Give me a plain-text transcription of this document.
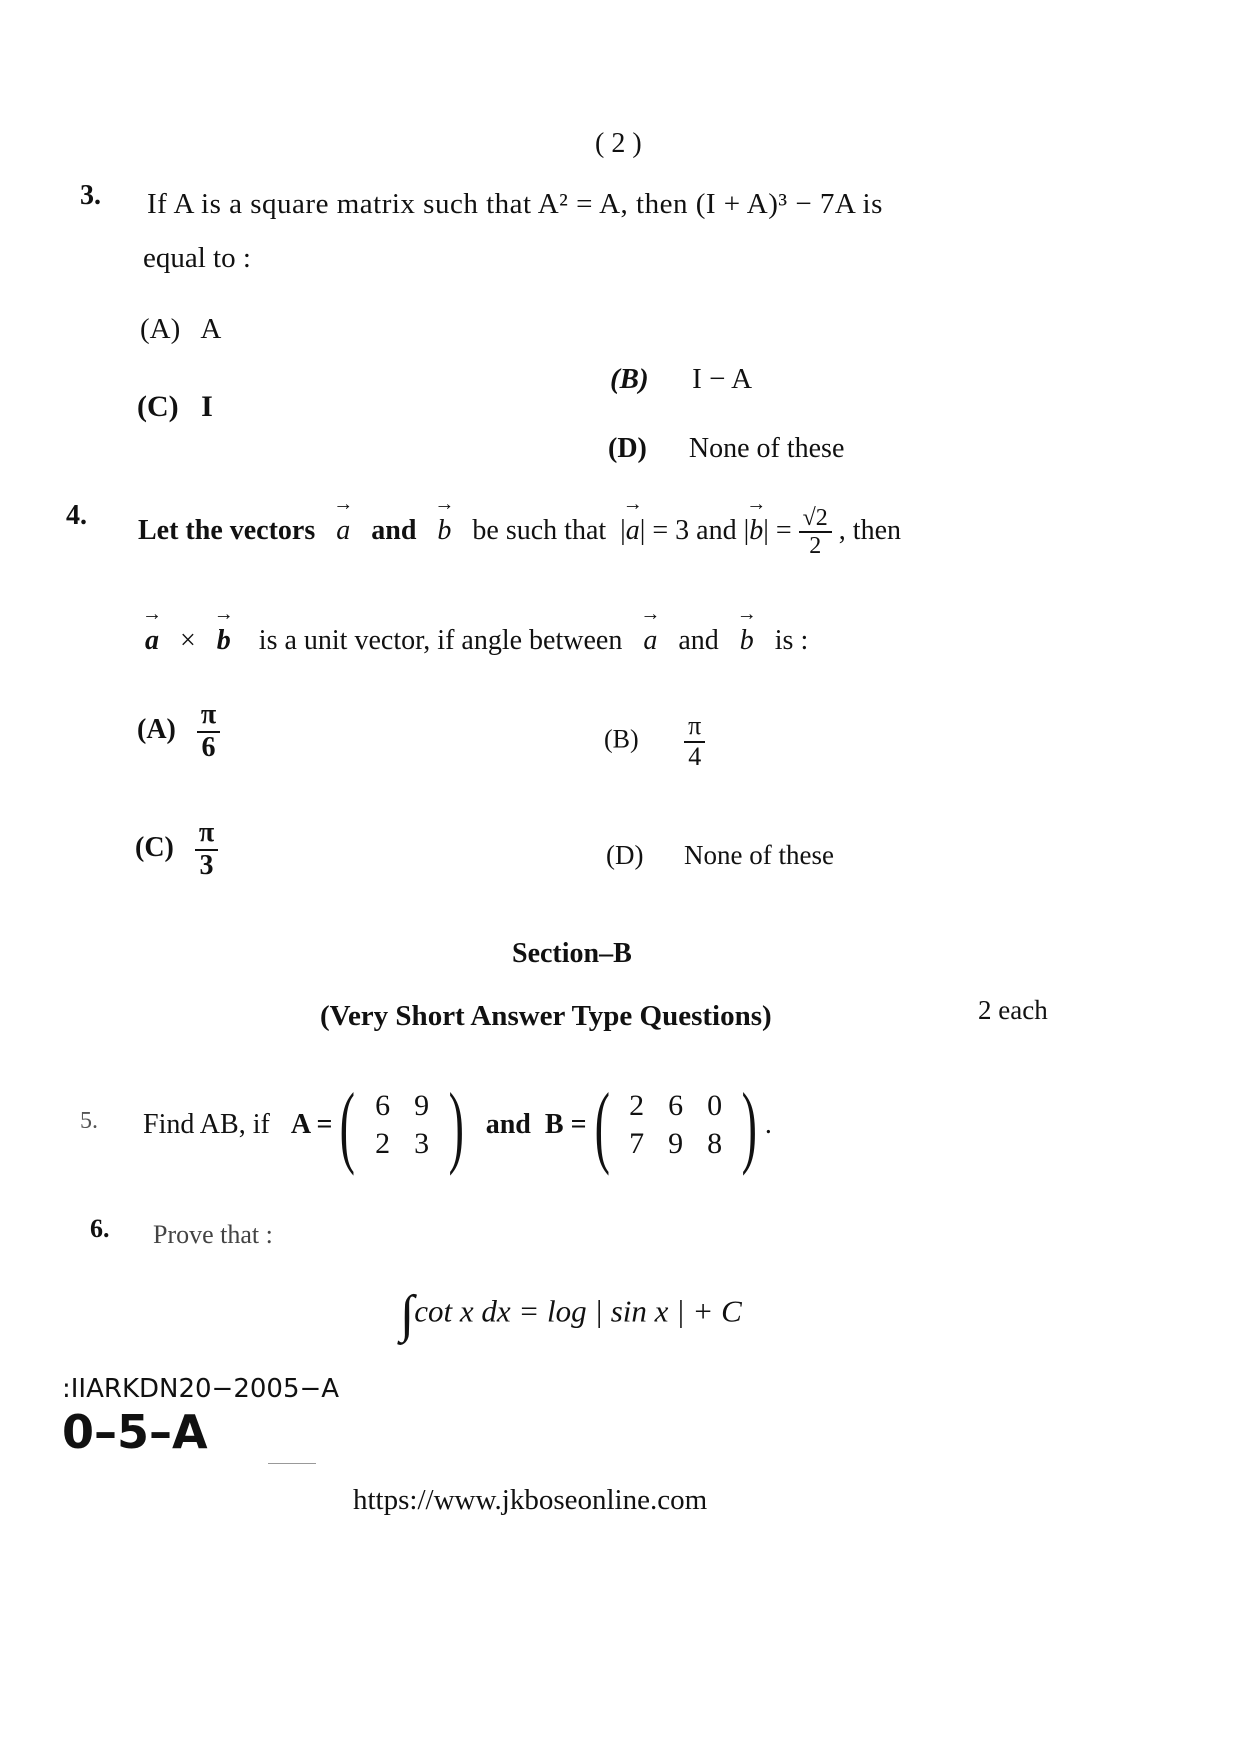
( 2 )
3. If A is a square matrix such that A² = A, then (I + A)³ − 7A is
equal to :
(A) A
(B) I − A
(C) I
(D) None of these
4. Let the vectors → a and → b be such that  |→ a| = 3 and |→ $b| = \frac{√2}{2}$ , then
→ a × → b is a unit vector, if angle between → a and → b is :
$(A) \frac{\pi}{6}$	$(B) \frac{\pi}{4}$
$(C) \frac{\pi}{3}$	(D) None of these
Section–B
(Very Short Answer Type Questions)	2 each
5. Find AB, if
A = ( 6	9
2	3 )
and
B = ( 2	6	0
7	9	8 ) .
6. Prove that :
∫cot x dx = log | sin x | + C
:IIARKDN20−2005−A
0–5–A
https://www.jkboseonline.com
